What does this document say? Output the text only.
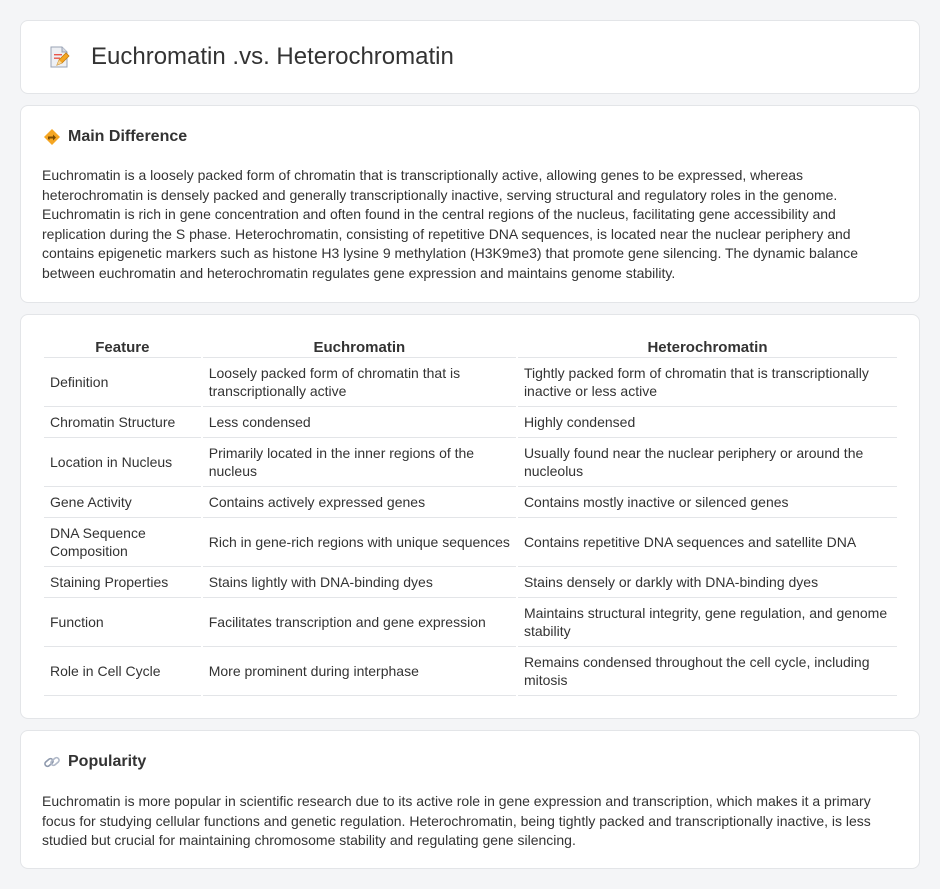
Euchromatin .vs. Heterochromatin
Main Difference

Euchromatin is a loosely packed form of chromatin that is transcriptionally active, allowing genes to be expressed, whereas heterochromatin is densely packed and generally transcriptionally inactive, serving structural and regulatory roles in the genome. Euchromatin is rich in gene concentration and often found in the central regions of the nucleus, facilitating gene accessibility and replication during the S phase. Heterochromatin, consisting of repetitive DNA sequences, is located near the nuclear periphery and contains epigenetic markers such as histone H3 lysine 9 methylation (H3K9me3) that promote gene silencing. The dynamic balance between euchromatin and heterochromatin regulates gene expression and maintains genome stability.

Feature	Euchromatin	Heterochromatin
Definition	Loosely packed form of chromatin that is transcriptionally active	Tightly packed form of chromatin that is transcriptionally inactive or less active
Chromatin Structure	Less condensed	Highly condensed
Location in Nucleus	Primarily located in the inner regions of the nucleus	Usually found near the nuclear periphery or around the nucleolus
Gene Activity	Contains actively expressed genes	Contains mostly inactive or silenced genes
DNA Sequence Composition	Rich in gene-rich regions with unique sequences	Contains repetitive DNA sequences and satellite DNA
Staining Properties	Stains lightly with DNA-binding dyes	Stains densely or darkly with DNA-binding dyes
Function	Facilitates transcription and gene expression	Maintains structural integrity, gene regulation, and genome stability
Role in Cell Cycle	More prominent during interphase	Remains condensed throughout the cell cycle, including mitosis
Popularity

Euchromatin is more popular in scientific research due to its active role in gene expression and transcription, which makes it a primary focus for studying cellular functions and genetic regulation. Heterochromatin, being tightly packed and transcriptionally inactive, is less studied but crucial for maintaining chromosome stability and regulating gene silencing.
